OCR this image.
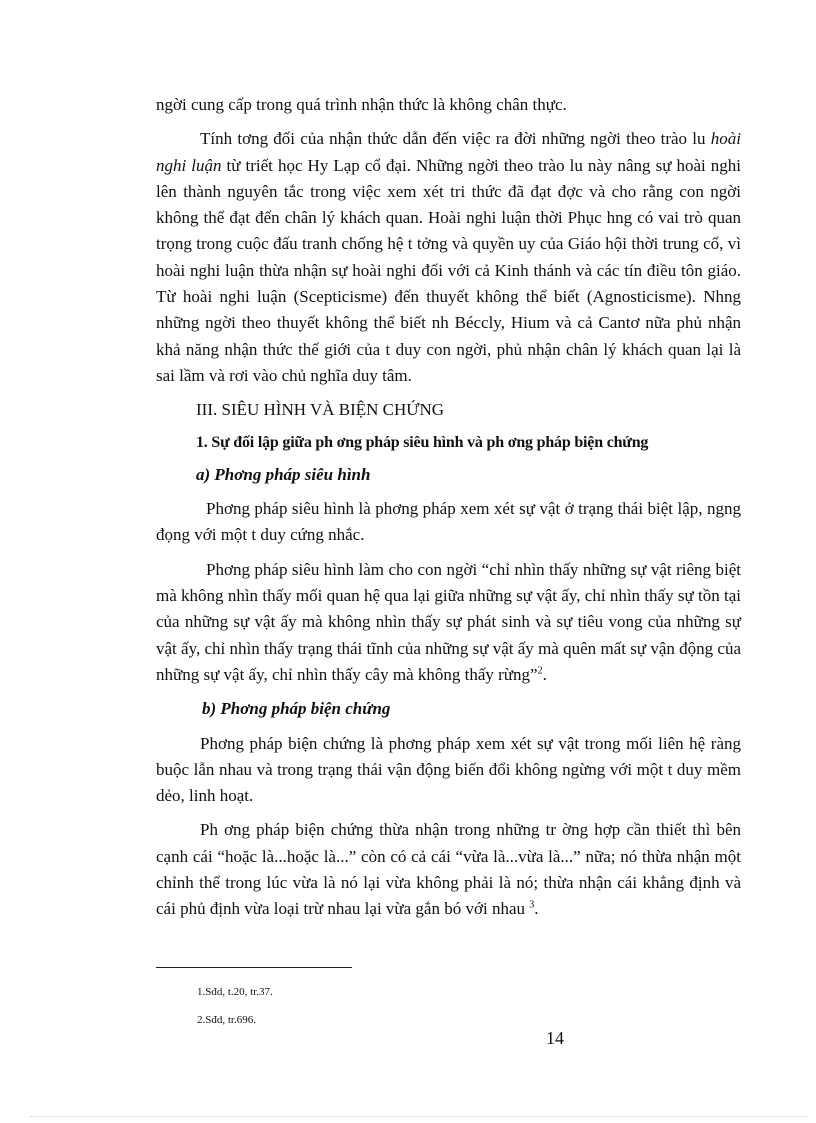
ngời cung cấp trong quá trình nhận thức là không chân thực.

Tính tơng đối của nhận thức dẫn đến việc ra đời những ngời theo trào lu hoài nghi luận từ triết học Hy Lạp cổ đại. Những ngời theo trào lu này nâng sự hoài nghi lên thành nguyên tắc trong việc xem xét tri thức đã đạt đợc và cho rằng con ngời không thể đạt đến chân lý khách quan. Hoài nghi luận thời Phục hng có vai trò quan trọng trong cuộc đấu tranh chống hệ t tởng và quyền uy của Giáo hội thời trung cổ, vì hoài nghi luận thừa nhận sự hoài nghi đối với cả Kinh thánh và các tín điều tôn giáo. Từ hoài nghi luận (Scepticisme) đến thuyết không thể biết (Agnosticisme). Nhng những ngời theo thuyết không thể biết nh Béccly, Hium và cả Cantơ nữa phủ nhận khả năng nhận thức thế giới của t duy con ngời, phủ nhận chân lý khách quan lại là sai lầm và rơi vào chủ nghĩa duy tâm.

III. SIÊU HÌNH VÀ BIỆN CHỨNG

1. Sự đối lập giữa ph ơng pháp siêu hình và ph ơng pháp biện chứng

a) Phơng pháp siêu hình

Phơng pháp siêu hình là phơng pháp xem xét sự vật ở trạng thái biệt lập, ngng đọng với một t duy cứng nhắc.

Phơng pháp siêu hình làm cho con ngời “chỉ nhìn thấy những sự vật riêng biệt mà không nhìn thấy mối quan hệ qua lại giữa những sự vật ấy, chỉ nhìn thấy sự tồn tại của những sự vật ấy mà không nhìn thấy sự phát sinh và sự tiêu vong của những sự vật ấy, chỉ nhìn thấy trạng thái tĩnh của những sự vật ấy mà quên mất sự vận động của những sự vật ấy, chỉ nhìn thấy cây mà không thấy rừng”$^2$.

b) Phơng pháp biện chứng

Phơng pháp biện chứng là phơng pháp xem xét sự vật trong mối liên hệ ràng buộc lẫn nhau và trong trạng thái vận động biến đổi không ngừng với một t duy mềm dẻo, linh hoạt.

Ph ơng pháp biện chứng thừa nhận trong những tr ờng hợp cần thiết thì bên cạnh cái “hoặc là...hoặc là...” còn có cả cái “vừa là...vừa là...” nữa; nó thừa nhận một chỉnh thể trong lúc vừa là nó lại vừa không phải là nó; thừa nhận cái khẳng định và cái phủ định vừa loại trừ nhau lại vừa gắn bó với nhau $^3$.

1.Sđd, t.20, tr.37.
2.Sđd, tr.696.
14
